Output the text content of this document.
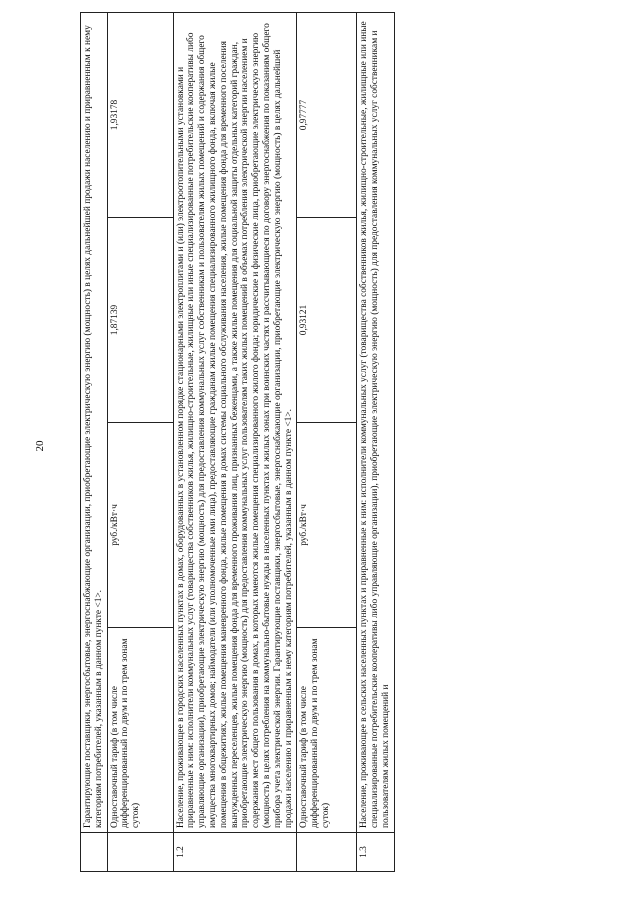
20

	Гарантирующие поставщики, энергосбытовые, энергоснабжающие организации, приобретающие электрическую энергию (мощность) в целях дальнейшей продажи населению и приравненным к нему категориям потребителей, указанным в данном пункте <1>.			

	Одноставочный тариф (в том числе дифференцированный по двум и по трем зонам суток)	руб./кВт·ч	1,87139	1,93178
1.2	Население, проживающее в городских населенных пунктах в домах, оборудованных в установленном порядке стационарными электроплитами и (или) электроотопительными установками и приравненные к ним: исполнители коммунальных услуг (товарищества собственников жилья, жилищно-строительные, жилищные или иные специализированные потребительские кооперативы либо управляющие организации), приобретающие электрическую энергию (мощность) для предоставления коммунальных услуг собственникам и пользователям жилых помещений и содержания общего имущества многоквартирных домов; наймодатели (или уполномоченные ими лица), предоставляющие гражданам жилые помещения специализированного жилищного фонда, включая жилые помещения в общежитиях, жилые помещения маневренного фонда, жилые помещения в домах системы социального обслуживания населения, жилые помещения фонда для временного поселения вынужденных переселенцев, жилые помещения фонда для временного проживания лиц, признанных беженцами, а также жилые помещения для социальной защиты отдельных категорий граждан, приобретающие электрическую энергию (мощность) для предоставления коммунальных услуг пользователям таких жилых помещений в объемах потребления электрической энергии населением и содержания мест общего пользования в домах, в которых имеются жилые помещения специализированного жилого фонда; юридические и физические лица, приобретающие электрическую энергию (мощность) в целях потребления на коммунально-бытовые нужды в населенных пунктах и жилых зонах при воинских частях и рассчитывающиеся по договору энергоснабжения по показаниям общего прибора учета электрической энергии. Гарантирующие поставщики, энергосбытовые, энергоснабжающие организации, приобретающие электрическую энергию (мощность) в целях дальнейшей продажи населению и приравненным к нему категориям потребителей, указанным в данном пункте <1>.			

	Одноставочный тариф (в том числе дифференцированный по двум и по трем зонам суток)	руб./кВт·ч	0,93121	0,97777
1.3	Население, проживающее в сельских населенных пунктах и приравненные к ним: исполнители коммунальных услуг (товарищества собственников жилья, жилищно-строительные, жилищные или иные специализированные потребительские кооперативы либо управляющие организации), приобретающие электрическую энергию (мощность) для предоставления коммунальных услуг собственникам и пользователям жилых помещений и			
